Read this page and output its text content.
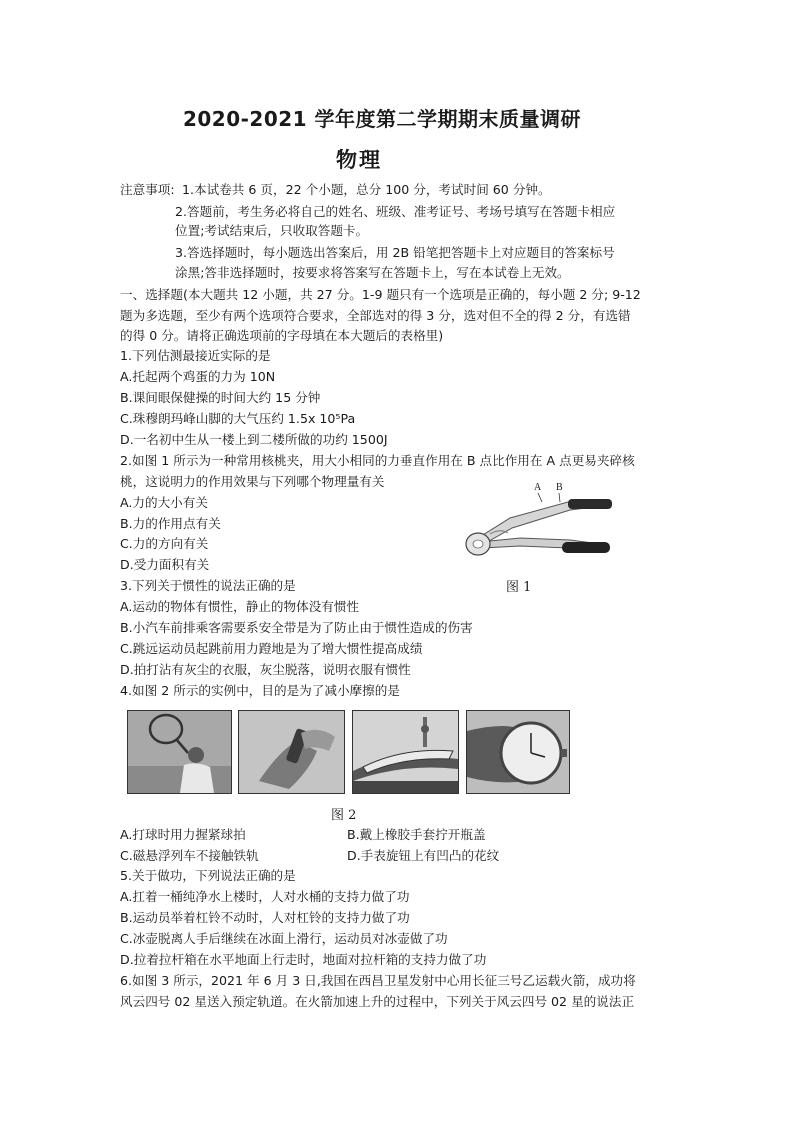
2020-2021 学年度第二学期期末质量调研
物理
注意事项: 1.本试卷共 6 页，22 个小题，总分 100 分，考试时间 60 分钟。
2.答题前，考生务必将自己的姓名、班级、准考证号、考场号填写在答题卡相应
位置;考试结束后，只收取答题卡。
3.答选择题时，每小题选出答案后，用 2B 铅笔把答题卡上对应题目的答案标号
涂黑;答非选择题时，按要求将答案写在答题卡上，写在本试卷上无效。
一、选择题(本大题共 12 小题，共 27 分。1-9 题只有一个选项是正确的，每小题 2 分; 9-12
题为多选题，至少有两个选项符合要求，全部选对的得 3 分，选对但不全的得 2 分，有选错
的得 0 分。请将正确选项前的字母填在本大题后的表格里)
1.下列估测最接近实际的是
A.托起两个鸡蛋的力为 10N
B.课间眼保健操的时间大约 15 分钟
C.珠穆朗玛峰山脚的大气压约 1.5x 10⁵Pa
D.一名初中生从一楼上到二楼所做的功约 1500J
2.如图 1 所示为一种常用核桃夹，用大小相同的力垂直作用在 B 点比作用在 A 点更易夹碎核
桃，这说明力的作用效果与下列哪个物理量有关
A.力的大小有关
B.力的作用点有关
C.力的方向有关
D.受力面积有关
A B
图 1
3.下列关于惯性的说法正确的是
A.运动的物体有惯性，静止的物体没有惯性
B.小汽车前排乘客需要系安全带是为了防止由于惯性造成的伤害
C.跳远运动员起跳前用力蹬地是为了增大惯性提高成绩
D.拍打沾有灰尘的衣服，灰尘脱落，说明衣服有惯性
4.如图 2 所示的实例中，目的是为了减小摩擦的是
图 2
A.打球时用力握紧球拍	B.戴上橡胶手套拧开瓶盖
C.磁悬浮列车不接触铁轨	D.手表旋钮上有凹凸的花纹
5.关于做功，下列说法正确的是
A.扛着一桶纯净水上楼时，人对水桶的支持力做了功
B.运动员举着杠铃不动时，人对杠铃的支持力做了功
C.冰壶脱离人手后继续在冰面上滑行，运动员对冰壶做了功
D.拉着拉杆箱在水平地面上行走时，地面对拉杆箱的支持力做了功
6.如图 3 所示，2021 年 6 月 3 日,我国在西昌卫星发射中心用长征三号乙运载火箭，成功将
风云四号 02 星送入预定轨道。在火箭加速上升的过程中，下列关于风云四号 02 星的说法正
